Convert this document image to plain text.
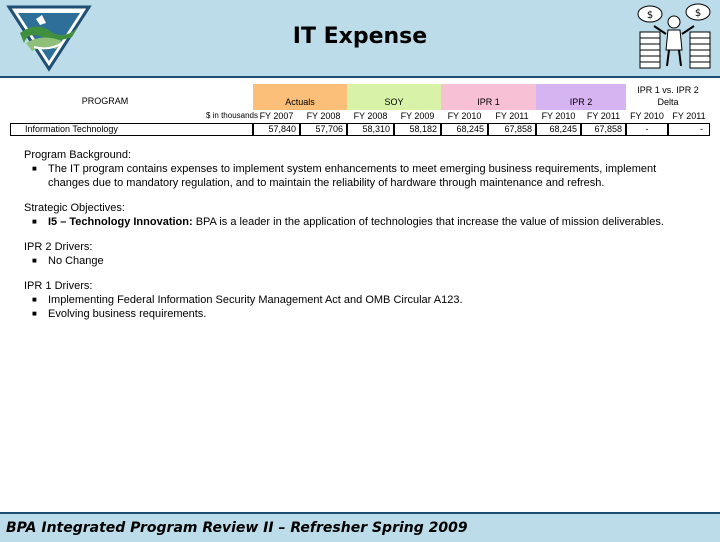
IT Expense
$	$
PROGRAM
$ in thousands
Actuals	SOY	IPR 1	IPR 2
IPR 1 vs. IPR 2
Delta
FY 2007	FY 2008	FY 2008	FY 2009	FY 2010	FY 2011	FY 2010	FY 2011	FY 2010 FY 2011
Information Technology	57,840	57,706	58,310	58,182	68,245	67,858	68,245	67,858	-	-
Program Background:
■ The IT program contains expenses to implement system enhancements to meet emerging business requirements, implement changes due to mandatory regulation, and to maintain the reliability of hardware through maintenance and refresh.
Strategic Objectives:
■ I5 – Technology Innovation: BPA is a leader in the application of technologies that increase the value of mission deliverables.
IPR 2 Drivers:
■ No Change
IPR 1 Drivers:
■ Implementing Federal Information Security Management Act and OMB Circular A123.
■ Evolving business requirements.
BPA Integrated Program Review II – Refresher Spring 2009
